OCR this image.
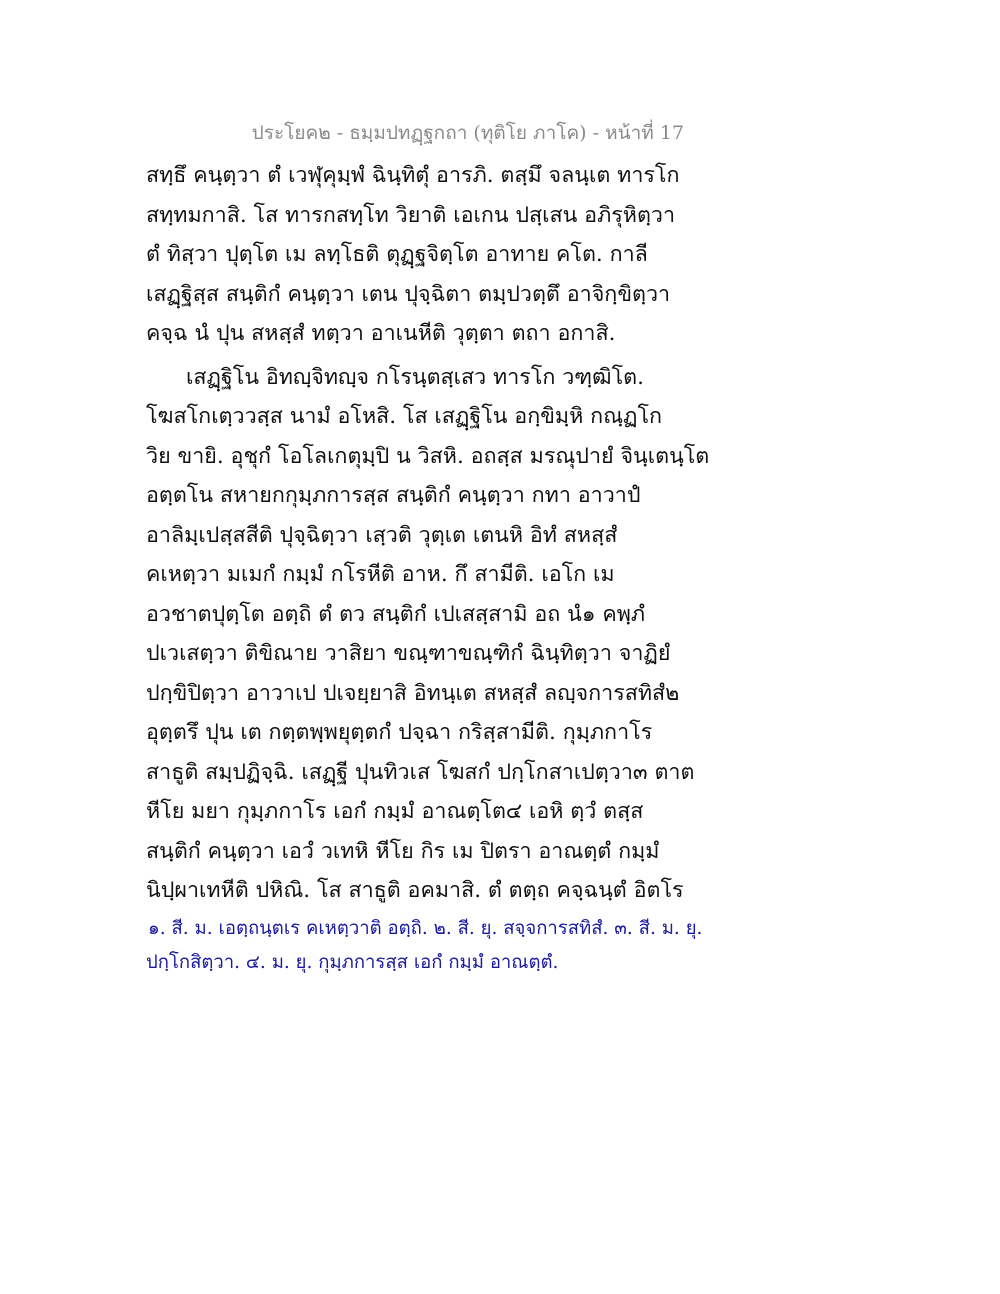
ประโยค๒ - ธมฺมปทฏฺฐกถา (ทุติโย ภาโค) - หน้าที่ 17
สทฺธึ คนฺตฺวา ตํ เวฬุคุมฺพํ ฉินฺทิตุํ อารภิ. ตสฺมึ จลนฺเต ทารโก
สทฺทมกาสิ. โส ทารกสทฺโท วิยาติ เอเกน ปสฺเสน อภิรุหิตฺวา
ตํ ทิสฺวา ปุตฺโต เม ลทฺโธติ ตุฏฺฐจิตฺโต อาทาย คโต. กาลี
เสฏฺฐิสฺส สนฺติกํ คนฺตฺวา เตน ปุจฺฉิตา ตมฺปวตฺตึ อาจิกฺขิตฺวา
คจฺฉ นํ ปุน สหสฺสํ ทตฺวา อาเนหีติ วุตฺตา ตถา อกาสิ.
เสฏฺฐิโน อิทญฺจิทญฺจ กโรนฺตสฺเสว ทารโก วฑฺฒิโต.
โฆสโกเตฺววสฺส นามํ อโหสิ. โส เสฏฺฐิโน อกฺขิมฺหิ กณฺฏโก
วิย ขายิ. อุชุกํ โอโลเกตุมฺปิ น วิสหิ. อถสฺส มรณุปายํ จินฺเตนฺโต
อตฺตโน สหายกกุมฺภการสฺส สนฺติกํ คนฺตฺวา กทา อาวาปํ
อาลิมฺเปสฺสสีติ ปุจฺฉิตฺวา เสฺวติ วุตฺเต เตนหิ อิทํ สหสฺสํ
คเหตฺวา มเมกํ กมฺมํ กโรหีติ อาห. กึ สามีติ. เอโก เม
อวชาตปุตฺโต อตฺถิ ตํ ตว สนฺติกํ เปเสสฺสามิ อถ นํ๑ คพฺภํ
ปเวเสตฺวา ติขิณาย วาสิยา ขณฺฑาขณฺฑิกํ ฉินฺทิตฺวา จาฏิยํ
ปกฺขิปิตฺวา อาวาเป ปเจยฺยาสิ อิทนฺเต สหสฺสํ ลญฺจการสทิสํ๒
อุตฺตรึ ปุน เต กตฺตพฺพยุตฺตกํ ปจฺฉา กริสฺสามีติ. กุมฺภกาโร
สาธูติ สมฺปฏิจฺฉิ. เสฏฺฐี ปุนทิวเส โฆสกํ ปกฺโกสาเปตฺวา๓ ตาต
หีโย มยา กุมฺภกาโร เอกํ กมฺมํ อาณตฺโต๔ เอหิ ตฺวํ ตสฺส
สนฺติกํ คนฺตฺวา เอวํ วเทหิ หีโย กิร เม ปิตรา อาณตฺตํ กมฺมํ
นิปฺผาเทหีติ ปหิณิ. โส สาธูติ อคมาสิ. ตํ ตตฺถ คจฺฉนฺตํ อิตโร
๑. สี. ม. เอตฺถนฺตเร คเหตฺวาติ อตฺถิ. ๒. สี. ยุ. สจฺจการสทิสํ. ๓. สี. ม. ยุ.
ปกฺโกสิตฺวา. ๔. ม. ยุ. กุมฺภการสฺส เอกํ กมฺมํ อาณตฺตํ.
